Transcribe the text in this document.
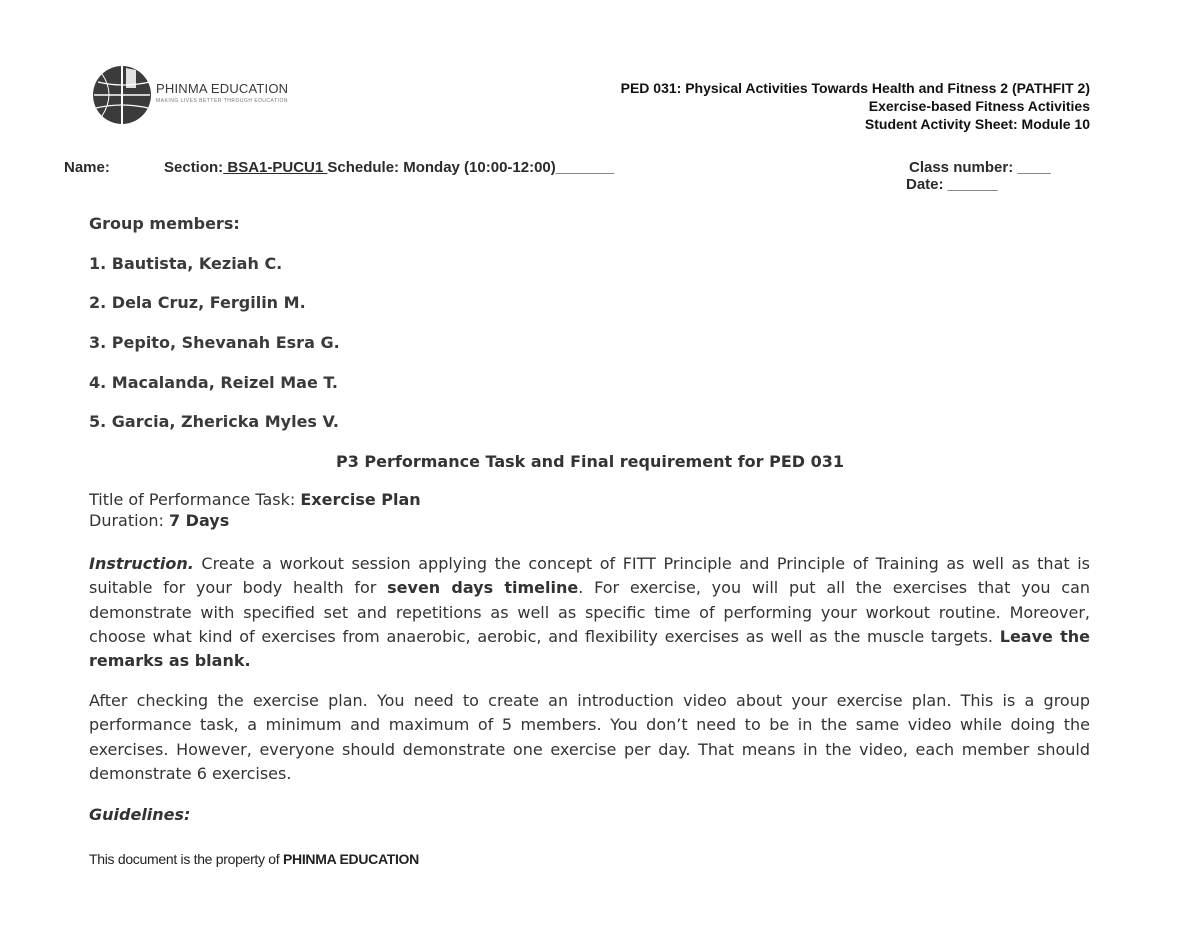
PHINMA EDUCATION
MAKING LIVES BETTER THROUGH EDUCATION
PED 031: Physical Activities Towards Health and Fitness 2 (PATHFIT 2)
Exercise-based Fitness Activities
Student Activity Sheet: Module 10
Name:	Section: BSA1-PUCU1 Schedule: Monday (10:00-12:00)_______	Class number: ____
Date: ______
Group members:
1. Bautista, Keziah C.
2. Dela Cruz, Fergilin M.
3. Pepito, Shevanah Esra G.
4. Macalanda, Reizel Mae T.
5. Garcia, Zhericka Myles V.
P3 Performance Task and Final requirement for PED 031
Title of Performance Task: Exercise Plan
Duration: 7 Days
Instruction. Create a workout session applying the concept of FITT Principle and Principle of Training as well as that is suitable for your body health for seven days timeline. For exercise, you will put all the exercises that you can demonstrate with specified set and repetitions as well as specific time of performing your workout routine. Moreover, choose what kind of exercises from anaerobic, aerobic, and flexibility exercises as well as the muscle targets. Leave the remarks as blank.
After checking the exercise plan. You need to create an introduction video about your exercise plan. This is a group performance task, a minimum and maximum of 5 members. You don’t need to be in the same video while doing the exercises. However, everyone should demonstrate one exercise per day. That means in the video, each member should demonstrate 6 exercises.
Guidelines:
This document is the property of PHINMA EDUCATION
